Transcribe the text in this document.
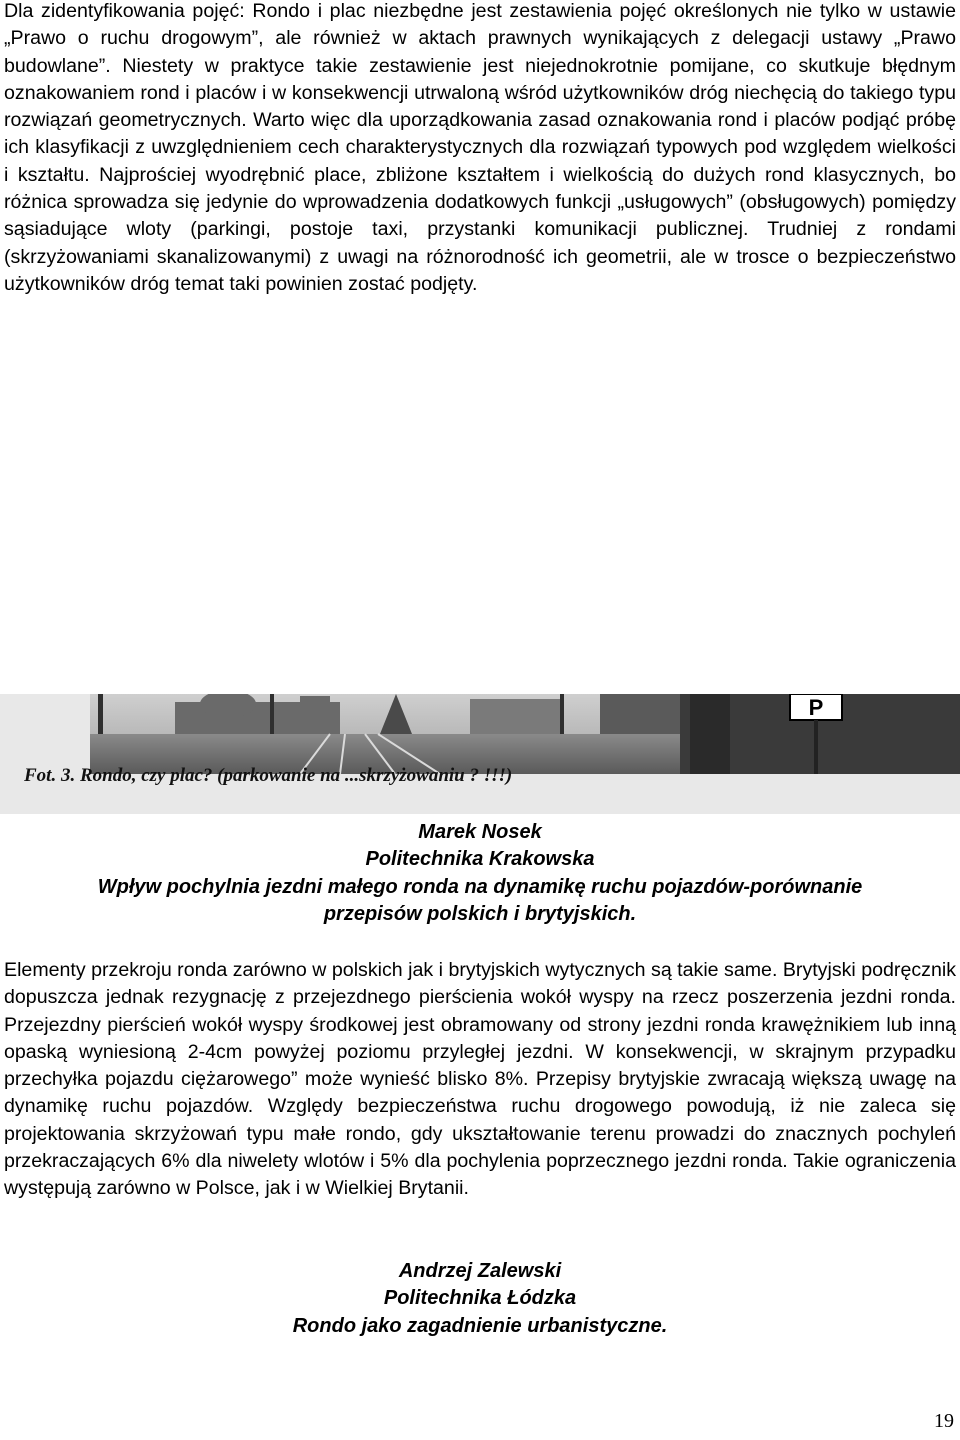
Dla zidentyfikowania pojęć: Rondo i plac niezbędne jest zestawienia pojęć określonych nie tylko w ustawie „Prawo o ruchu drogowym”, ale również w aktach prawnych wynikających z delegacji ustawy „Prawo budowlane”. Niestety w praktyce takie zestawienie jest niejednokrotnie pomijane, co skutkuje błędnym oznakowaniem rond i placów i w konsekwencji utrwaloną wśród użytkowników dróg niechęcią do takiego typu rozwiązań geometrycznych. Warto więc dla uporządkowania zasad oznakowania rond i placów podjąć próbę ich klasyfikacji z uwzględnieniem cech charakterystycznych dla rozwiązań typowych pod względem wielkości i kształtu. Najprościej wyodrębnić place, zbliżone kształtem i wielkością do dużych rond klasycznych, bo różnica sprowadza się jedynie do wprowadzenia dodatkowych funkcji „usługowych” (obsługowych) pomiędzy sąsiadujące wloty (parkingi, postoje taxi, przystanki komunikacji publicznej. Trudniej z rondami (skrzyżowaniami skanalizowanymi) z uwagi na różnorodność ich geometrii, ale w trosce o bezpieczeństwo użytkowników dróg temat taki powinien zostać podjęty.

P
Fot. 3. Rondo, czy plac? (parkowanie na ...skrzyżowaniu ? !!!)

Marek Nosek
Politechnika Krakowska
Wpływ pochylnia jezdni małego ronda na dynamikę ruchu pojazdów-porównanie
przepisów polskich i brytyjskich.

Elementy przekroju ronda zarówno w polskich jak i brytyjskich wytycznych są takie same. Brytyjski podręcznik dopuszcza jednak rezygnację z przejezdnego pierścienia wokół wyspy na rzecz poszerzenia jezdni ronda. Przejezdny pierścień wokół wyspy środkowej jest obramowany od strony jezdni ronda krawężnikiem lub inną opaską wyniesioną 2-4cm powyżej poziomu przyległej jezdni. W konsekwencji, w skrajnym przypadku przechyłka pojazdu ciężarowego” może wynieść blisko 8%. Przepisy brytyjskie zwracają większą uwagę na dynamikę ruchu pojazdów. Względy bezpieczeństwa ruchu drogowego powodują, iż nie zaleca się projektowania skrzyżowań typu małe rondo, gdy ukształtowanie terenu prowadzi do znacznych pochyleń przekraczających 6% dla niwelety wlotów i 5% dla pochylenia poprzecznego jezdni ronda. Takie ograniczenia występują zarówno w Polsce, jak i w Wielkiej Brytanii.

Andrzej Zalewski
Politechnika Łódzka
Rondo jako zagadnienie urbanistyczne.

19
